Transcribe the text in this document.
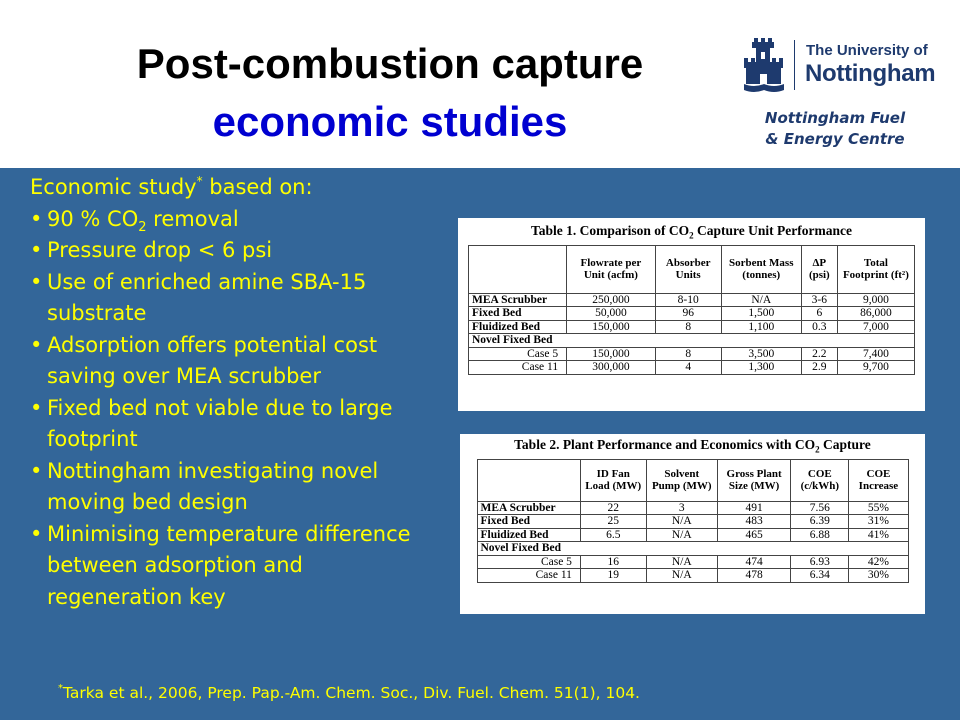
Post-combustion capture
economic studies
The University of
Nottingham
Nottingham Fuel
& Energy Centre
Economic study* based on:
• 90 % $CO_2$ removal
• Pressure drop < 6 psi
• Use of enriched amine SBA-15 substrate
• Adsorption offers potential cost saving over MEA scrubber
• Fixed bed not viable due to large footprint
• Nottingham investigating novel moving bed design
• Minimising temperature difference between adsorption and regeneration key
Table 1. Comparison of $CO_2$ Capture Unit Performance
	Flowrate per Unit (acfm)	Absorber Units	Sorbent Mass (tonnes)	ΔP (psi)	Total Footprint (ft²)
MEA Scrubber	250,000	8-10	N/A	3-6	9,000
Fixed Bed	50,000	96	1,500	6	86,000
Fluidized Bed	150,000	8	1,100	0.3	7,000
Novel Fixed Bed					
Case 5	150,000	8	3,500	2.2	7,400
Case 11	300,000	4	1,300	2.9	9,700
Table 2. Plant Performance and Economics with $CO_2$ Capture
	ID Fan Load (MW)	Solvent Pump (MW)	Gross Plant Size (MW)	COE (c/kWh)	COE Increase
MEA Scrubber	22	3	491	7.56	55%
Fixed Bed	25	N/A	483	6.39	31%
Fluidized Bed	6.5	N/A	465	6.88	41%
Novel Fixed Bed					
Case 5	16	N/A	474	6.93	42%
Case 11	19	N/A	478	6.34	30%
*Tarka et al., 2006, Prep. Pap.-Am. Chem. Soc., Div. Fuel. Chem. 51(1), 104.
